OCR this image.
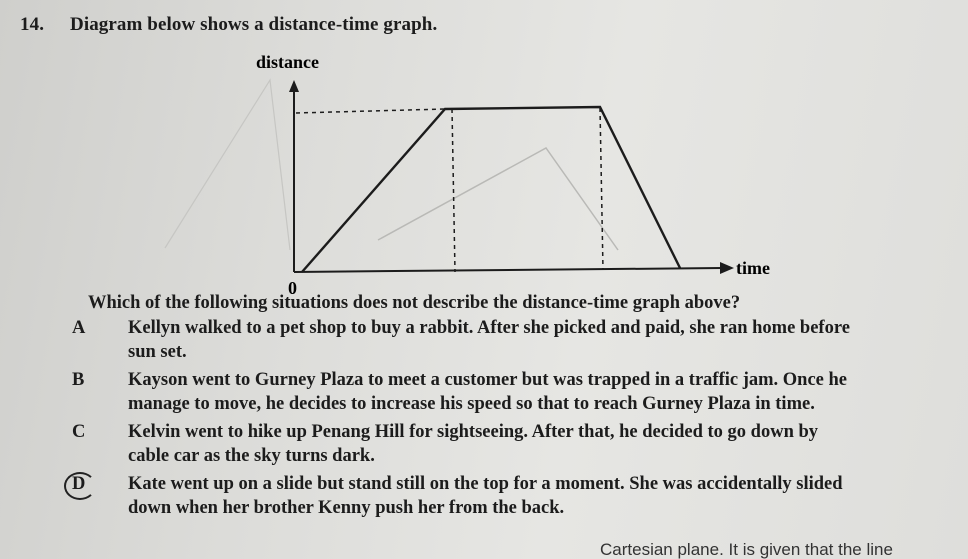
14. Diagram below shows a distance-time graph.
distance
time
0
Which of the following situations does not describe the distance-time graph above?
A	Kellyn walked to a pet shop to buy a rabbit. After she picked and paid, she ran home before
sun set.
B	Kayson went to Gurney Plaza to meet a customer but was trapped in a traffic jam. Once he
manage to move, he decides to increase his speed so that to reach Gurney Plaza in time.
C	Kelvin went to hike up Penang Hill for sightseeing. After that, he decided to go down by
cable car as the sky turns dark.
D	Kate went up on a slide but stand still on the top for a moment. She was accidentally slided
down when her brother Kenny push her from the back.
Cartesian plane. It is given that the line
